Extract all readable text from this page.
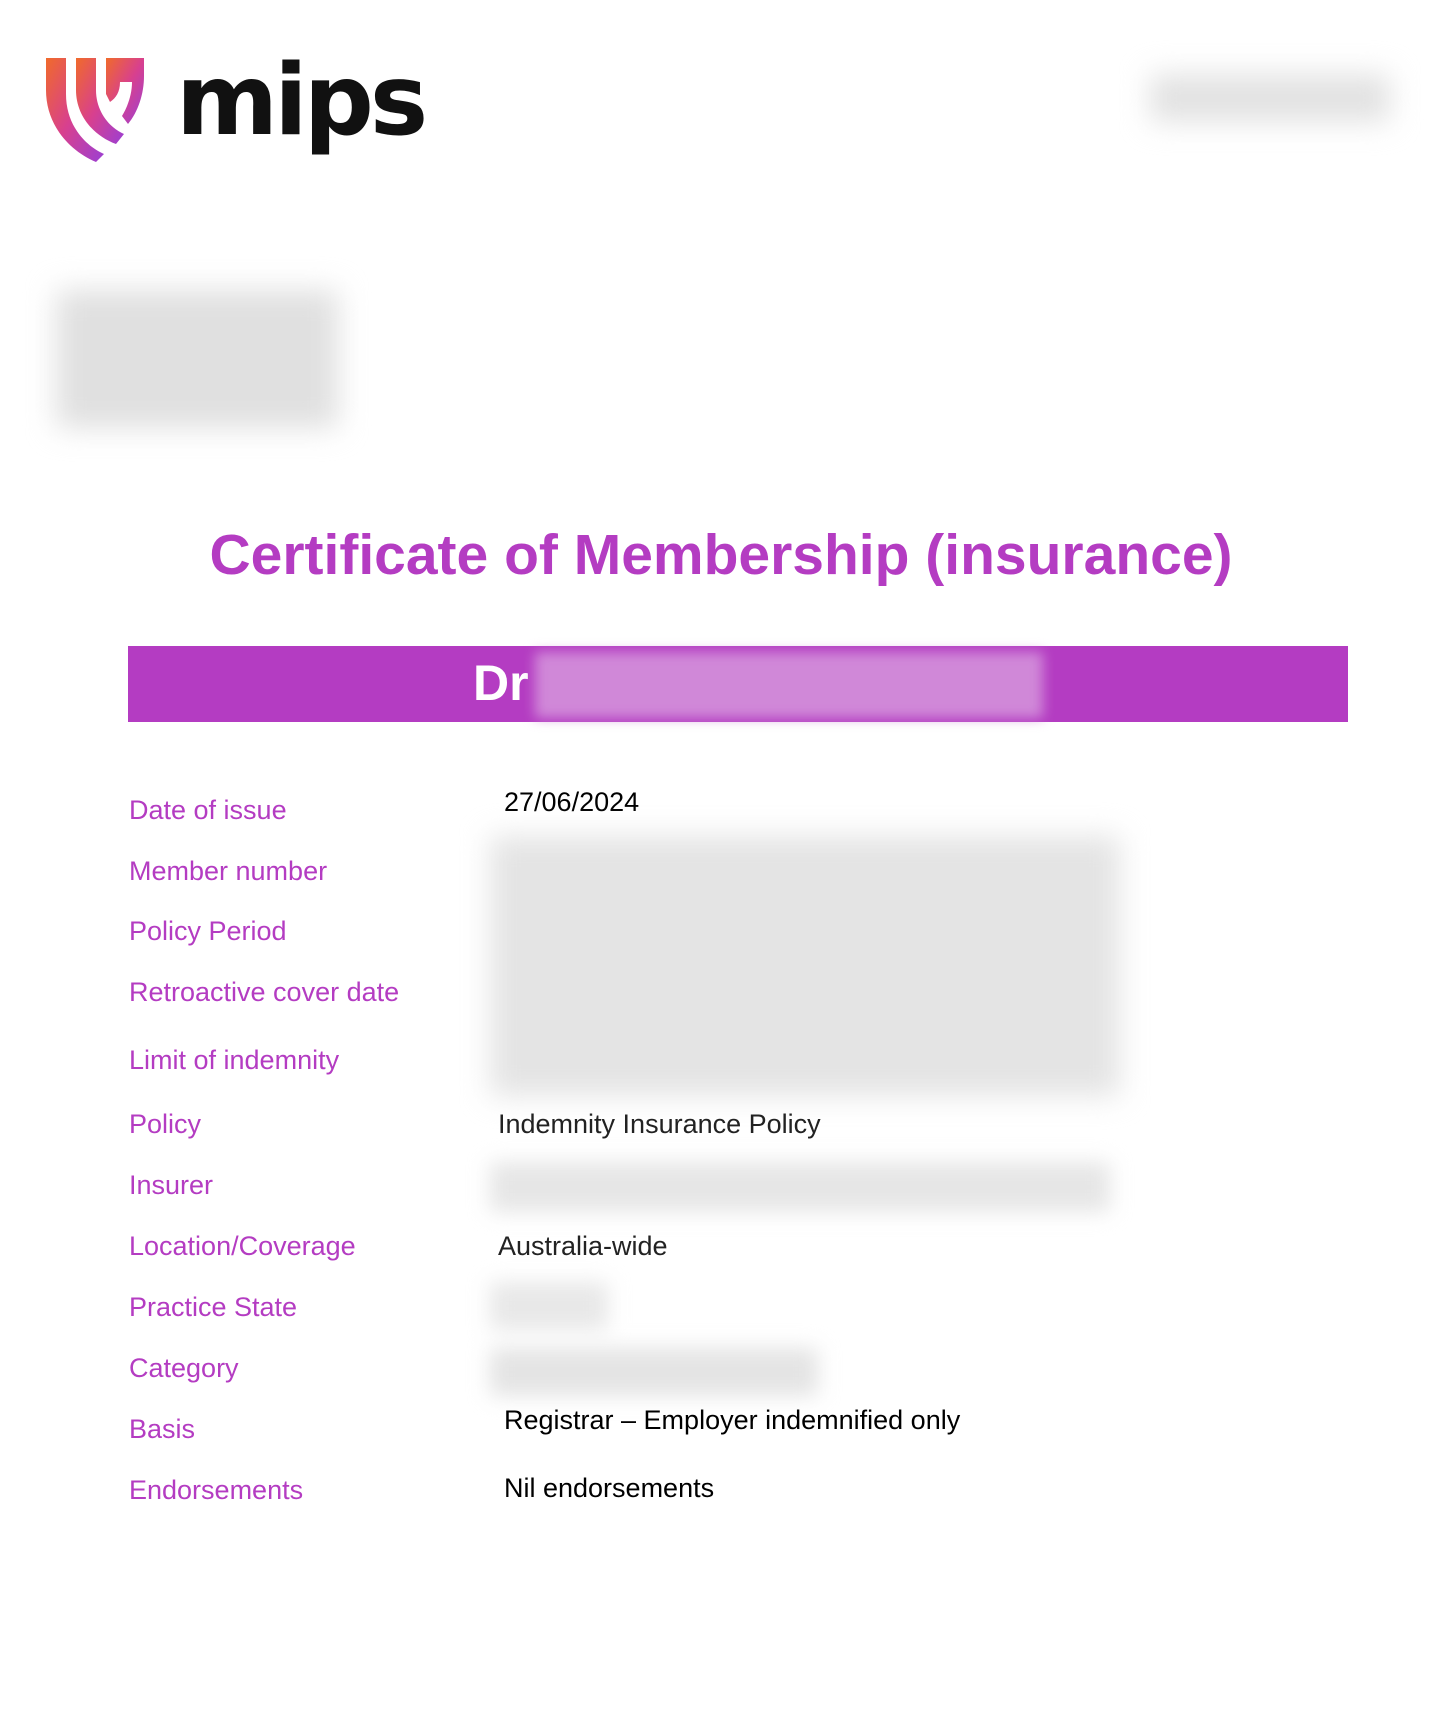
mips
Certificate of Membership (insurance)
Dr
Date of issue
Member number
Policy Period
Retroactive cover date
Limit of indemnity
Policy
Insurer
Location/Coverage
Practice State
Category
Basis
Endorsements
27/06/2024
Indemnity Insurance Policy
Australia-wide
Registrar – Employer indemnified only
Nil endorsements
